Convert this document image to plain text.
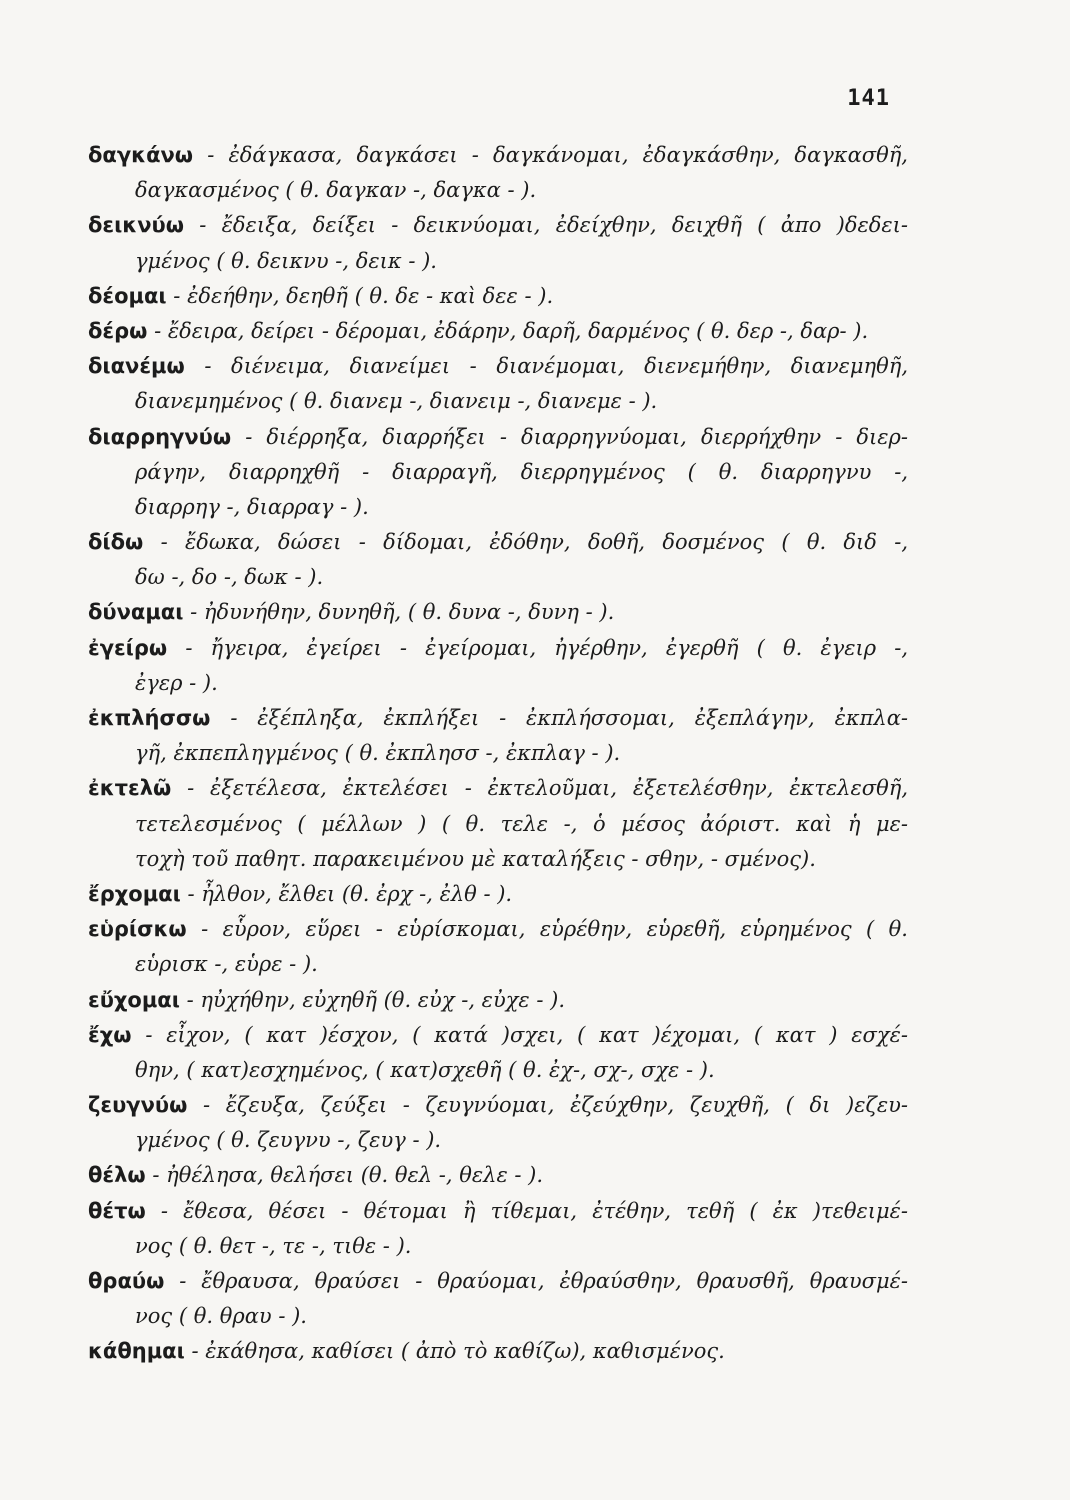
141
δαγκάνω - ἐδάγκασα, δαγκάσει - δαγκάνομαι, ἐδαγκάσθην, δαγκασθῆ,
δαγκασμένος ( θ. δαγκαν -, δαγκα - ).
δεικνύω - ἔδειξα, δείξει - δεικνύομαι, ἐδείχθην, δειχθῆ ( ἀπο )δεδει-
γμένος ( θ. δεικνυ -, δεικ - ).
δέομαι - ἐδεήθην, δεηθῆ ( θ. δε - καὶ δεε - ).
δέρω - ἔδειρα, δείρει - δέρομαι, ἐδάρην, δαρῆ, δαρμένος ( θ. δερ -, δαρ- ).
διανέμω - διένειμα, διανείμει - διανέμομαι, διενεμήθην, διανεμηθῆ,
διανεμημένος ( θ. διανεμ -, διανειμ -, διανεμε - ).
διαρρηγνύω - διέρρηξα, διαρρήξει - διαρρηγνύομαι, διερρήχθην - διερ-
ράγην, διαρρηχθῆ - διαρραγῆ, διερρηγμένος ( θ. διαρρηγνυ -,
διαρρηγ -, διαρραγ - ).
δίδω - ἔδωκα, δώσει - δίδομαι, ἐδόθην, δοθῆ, δοσμένος ( θ. διδ -,
δω -, δο -, δωκ - ).
δύναμαι - ἠδυνήθην, δυνηθῆ, ( θ. δυνα -, δυνη - ).
ἐγείρω - ἤγειρα, ἐγείρει - ἐγείρομαι, ἠγέρθην, ἐγερθῆ ( θ. ἐγειρ -,
ἐγερ - ).
ἐκπλήσσω - ἐξέπληξα, ἐκπλήξει - ἐκπλήσσομαι, ἐξεπλάγην, ἐκπλα-
γῆ, ἐκπεπληγμένος ( θ. ἐκπλησσ -, ἐκπλαγ - ).
ἐκτελῶ - ἐξετέλεσα, ἐκτελέσει - ἐκτελοῦμαι, ἐξετελέσθην, ἐκτελεσθῆ,
τετελεσμένος ( μέλλων ) ( θ. τελε -, ὁ μέσος ἀόριστ. καὶ ἡ με-
τοχὴ τοῦ παθητ. παρακειμένου μὲ καταλήξεις - σθην, - σμένος).
ἔρχομαι - ἦλθον, ἔλθει (θ. ἐρχ -, ἐλθ - ).
εὑρίσκω - εὗρον, εὕρει - εὑρίσκομαι, εὑρέθην, εὑρεθῆ, εὑρημένος ( θ.
εὑρισκ -, εὑρε - ).
εὔχομαι - ηὐχήθην, εὐχηθῆ (θ. εὐχ -, εὐχε - ).
ἔχω - εἶχον, ( κατ )έσχον, ( κατά )σχει, ( κατ )έχομαι, ( κατ ) εσχέ-
θην, ( κατ)εσχημένος, ( κατ)σχεθῆ ( θ. ἐχ-, σχ-, σχε - ).
ζευγνύω - ἔζευξα, ζεύξει - ζευγνύομαι, ἐζεύχθην, ζευχθῆ, ( δι )εζευ-
γμένος ( θ. ζευγνυ -, ζευγ - ).
θέλω - ἠθέλησα, θελήσει (θ. θελ -, θελε - ).
θέτω - ἔθεσα, θέσει - θέτομαι ἢ τίθεμαι, ἐτέθην, τεθῆ ( ἐκ )τεθειμέ-
νος ( θ. θετ -, τε -, τιθε - ).
θραύω - ἔθραυσα, θραύσει - θραύομαι, ἐθραύσθην, θραυσθῆ, θραυσμέ-
νος ( θ. θραυ - ).
κάθημαι - ἐκάθησα, καθίσει ( ἀπὸ τὸ καθίζω), καθισμένος.
